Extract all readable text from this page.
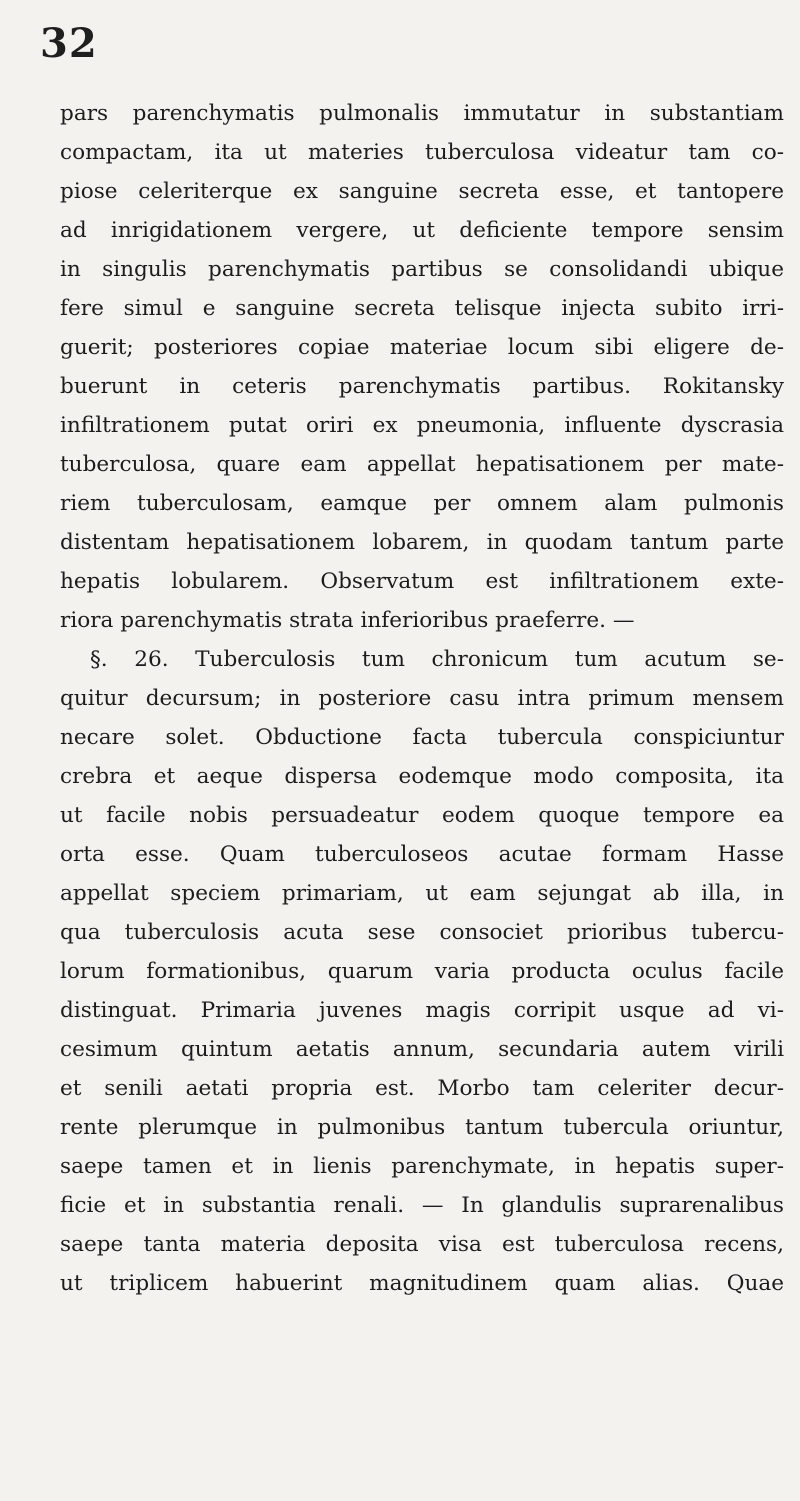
32
pars parenchymatis pulmonalis immutatur in substantiam
compactam, ita ut materies tuberculosa videatur tam co-
piose celeriterque ex sanguine secreta esse, et tantopere
ad inrigidationem vergere, ut deficiente tempore sensim
in singulis parenchymatis partibus se consolidandi ubique
fere simul e sanguine secreta telisque injecta subito irri-
guerit; posteriores copiae materiae locum sibi eligere de-
buerunt in ceteris parenchymatis partibus. Rokitansky
infiltrationem putat oriri ex pneumonia, influente dyscrasia
tuberculosa, quare eam appellat hepatisationem per mate-
riem tuberculosam, eamque per omnem alam pulmonis
distentam hepatisationem lobarem, in quodam tantum parte
hepatis lobularem. Observatum est infiltrationem exte-
riora parenchymatis strata inferioribus praeferre. —
§. 26. Tuberculosis tum chronicum tum acutum se-
quitur decursum; in posteriore casu intra primum mensem
necare solet. Obductione facta tubercula conspiciuntur
crebra et aeque dispersa eodemque modo composita, ita
ut facile nobis persuadeatur eodem quoque tempore ea
orta esse. Quam tuberculoseos acutae formam Hasse
appellat speciem primariam, ut eam sejungat ab illa, in
qua tuberculosis acuta sese consociet prioribus tubercu-
lorum formationibus, quarum varia producta oculus facile
distinguat. Primaria juvenes magis corripit usque ad vi-
cesimum quintum aetatis annum, secundaria autem virili
et senili aetati propria est. Morbo tam celeriter decur-
rente plerumque in pulmonibus tantum tubercula oriuntur,
saepe tamen et in lienis parenchymate, in hepatis super-
ficie et in substantia renali. — In glandulis suprarenalibus
saepe tanta materia deposita visa est tuberculosa recens,
ut triplicem habuerint magnitudinem quam alias. Quae
